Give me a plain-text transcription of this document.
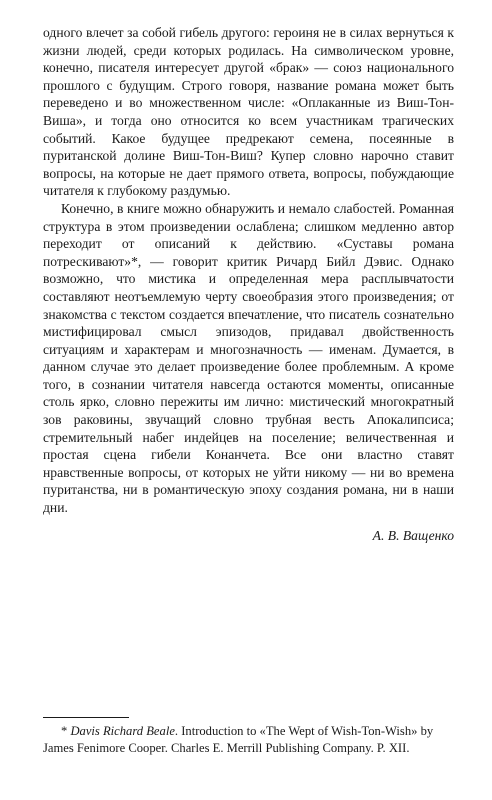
одного влечет за собой гибель другого: героиня не в силах вернуться к жизни людей, среди которых родилась. На символическом уровне, конечно, писателя интересует другой «брак» — союз национального прошлого с будущим. Строго говоря, название романа может быть переведено и во множественном числе: «Оплаканные из Виш-Тон-Виша», и тогда оно относится ко всем участникам трагических событий. Какое будущее предрекают семена, посеянные в пуританской долине Виш-Тон-Виш? Купер словно нарочно ставит вопросы, на которые не дает прямого ответа, вопросы, побуждающие читателя к глубокому раздумью.

Конечно, в книге можно обнаружить и немало слабостей. Романная структура в этом произведении ослаблена; слишком медленно автор переходит от описаний к действию. «Суставы романа потрескивают»*, — говорит критик Ричард Бийл Дэвис. Однако возможно, что мистика и определенная мера расплывчатости составляют неотъемлемую черту своеобразия этого произведения; от знакомства с текстом создается впечатление, что писатель сознательно мистифицировал смысл эпизодов, придавал двойственность ситуациям и характерам и многозначность — именам. Думается, в данном случае это делает произведение более проблемным. А кроме того, в сознании читателя навсегда остаются моменты, описанные столь ярко, словно пережиты им лично: мистический многократный зов раковины, звучащий словно трубная весть Апокалипсиса; стремительный набег индейцев на поселение; величественная и простая сцена гибели Конанчета. Все они властно ставят нравственные вопросы, от которых не уйти никому — ни во времена пуританства, ни в романтическую эпоху создания романа, ни в наши дни.

А. В. Ващенко

* Davis Richard Beale. Introduction to «The Wept of Wish-Ton-Wish» by James Fenimore Cooper. Charles E. Merrill Publishing Company. P. XII.
